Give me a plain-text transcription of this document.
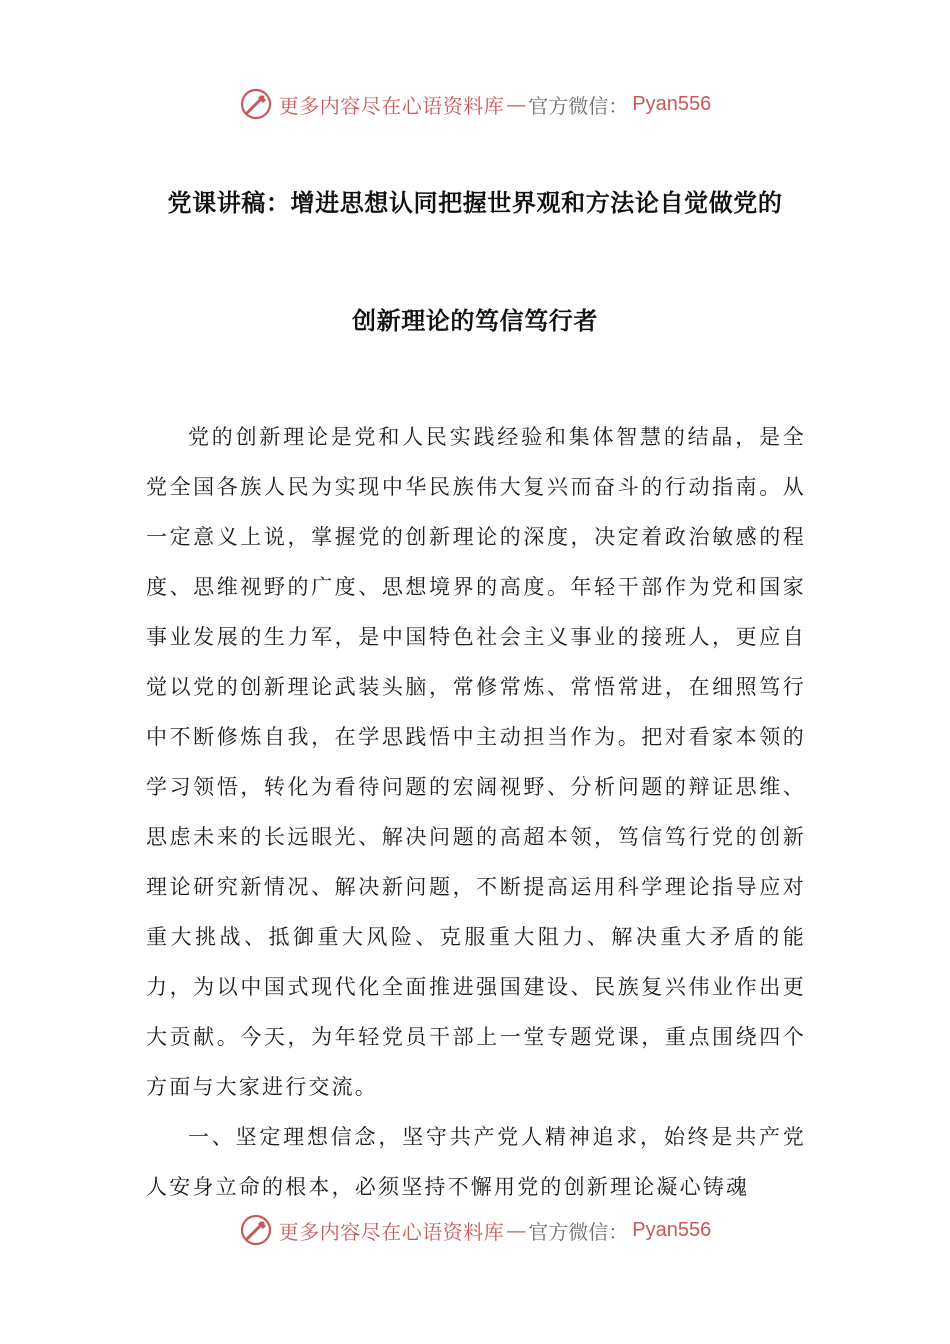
更多内容尽在心语资料库 — 官方微信： Pyan556
党课讲稿：增进思想认同把握世界观和方法论自觉做党的
创新理论的笃信笃行者

党的创新理论是党和人民实践经验和集体智慧的结晶，是全党全国各族人民为实现中华民族伟大复兴而奋斗的行动指南。从一定意义上说，掌握党的创新理论的深度，决定着政治敏感的程度、思维视野的广度、思想境界的高度。年轻干部作为党和国家事业发展的生力军，是中国特色社会主义事业的接班人，更应自觉以党的创新理论武装头脑，常修常炼、常悟常进，在细照笃行中不断修炼自我，在学思践悟中主动担当作为。把对看家本领的学习领悟，转化为看待问题的宏阔视野、分析问题的辩证思维、思虑未来的长远眼光、解决问题的高超本领，笃信笃行党的创新理论研究新情况、解决新问题，不断提高运用科学理论指导应对重大挑战、抵御重大风险、克服重大阻力、解决重大矛盾的能力，为以中国式现代化全面推进强国建设、民族复兴伟业作出更大贡献。今天，为年轻党员干部上一堂专题党课，重点围绕四个方面与大家进行交流。

一、坚定理想信念，坚守共产党人精神追求，始终是共产党人安身立命的根本，必须坚持不懈用党的创新理论凝心铸魂

更多内容尽在心语资料库 — 官方微信： Pyan556
